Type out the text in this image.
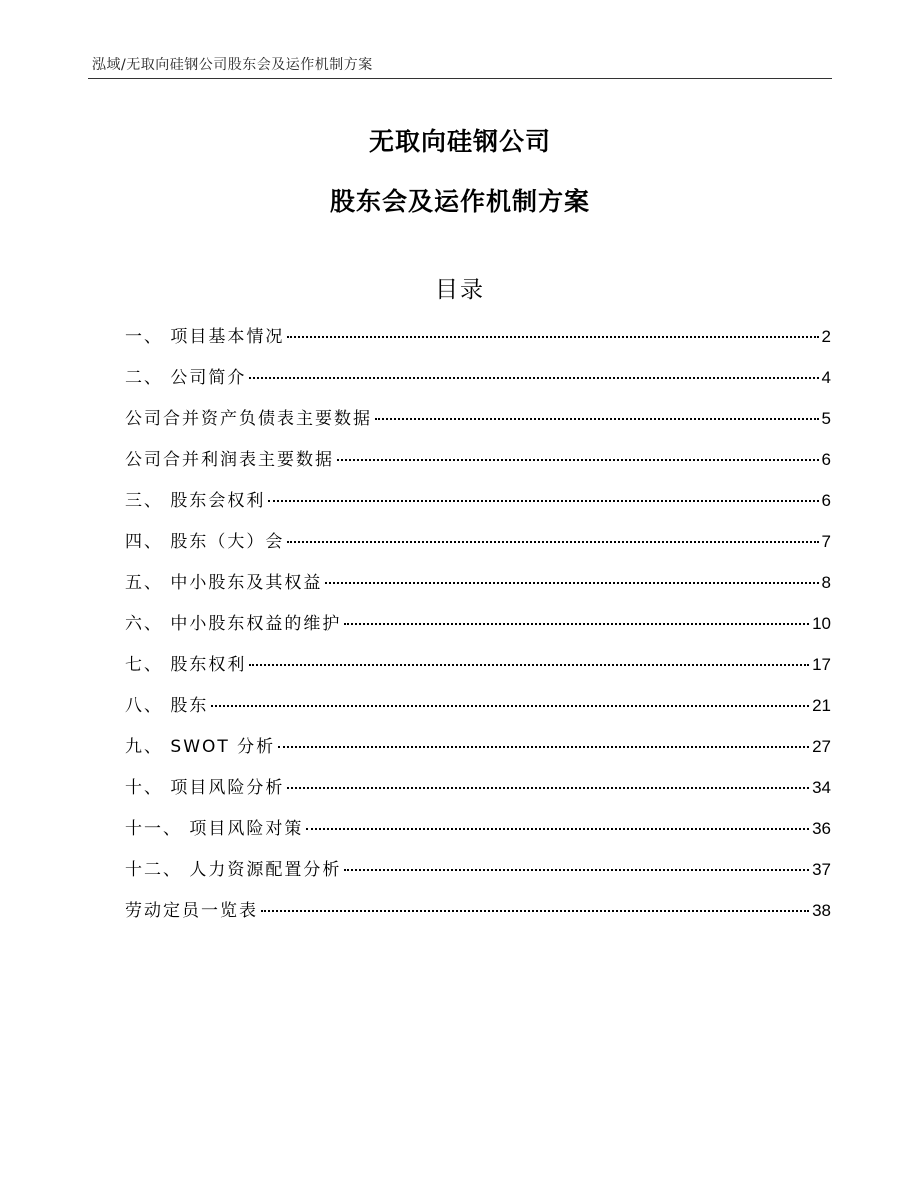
泓域/无取向硅钢公司股东会及运作机制方案
无取向硅钢公司
股东会及运作机制方案
目录
一、 项目基本情况	2
二、 公司简介	4
公司合并资产负债表主要数据	5
公司合并利润表主要数据	6
三、 股东会权利	6
四、 股东（大）会	7
五、 中小股东及其权益	8
六、 中小股东权益的维护	10
七、 股东权利	17
八、 股东	21
九、 SWOT 分析	27
十、 项目风险分析	34
十一、 项目风险对策	36
十二、 人力资源配置分析	37
劳动定员一览表	38
